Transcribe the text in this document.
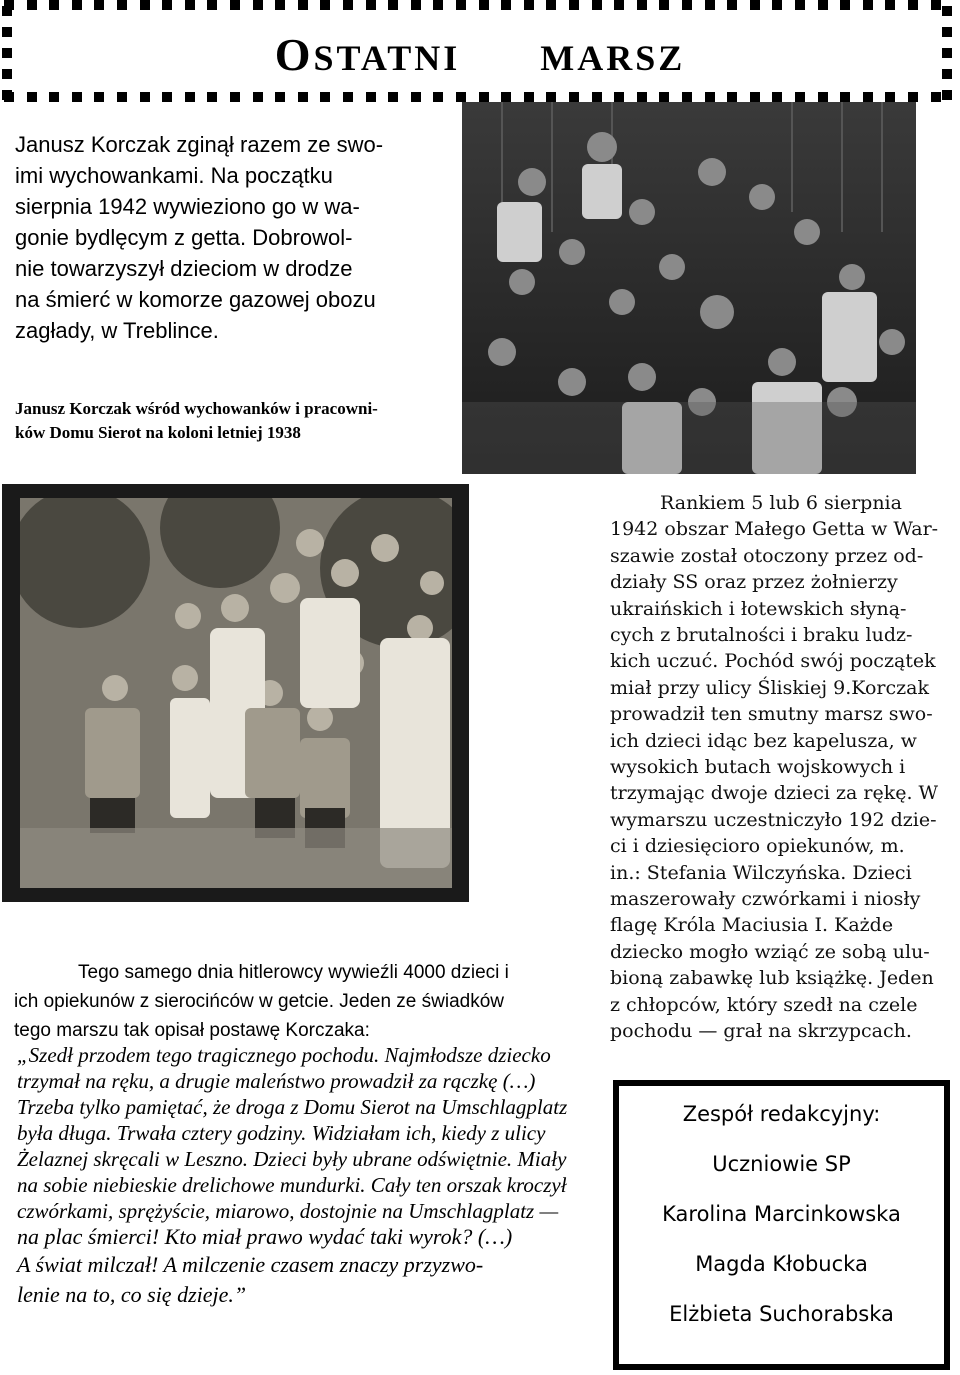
OSTATNI MARSZ
Janusz Korczak zginął razem ze swo-
imi wychowankami. Na początku
sierpnia 1942 wywieziono go w wa-
gonie bydlęcym z getta. Dobrowol-
nie towarzyszył dzieciom w drodze
na śmierć w komorze gazowej obozu
zagłady, w Treblince.
Janusz Korczak wśród wychowanków i pracowni-
ków Domu Sierot na koloni letniej 1938
Rankiem 5 lub 6 sierpnia
1942 obszar Małego Getta w War-
szawie został otoczony przez od-
działy SS oraz przez żołnierzy
ukraińskich i łotewskich słyną-
cych z brutalności i braku ludz-
kich uczuć. Pochód swój początek
miał przy ulicy Śliskiej 9.Korczak
prowadził ten smutny marsz swo-
ich dzieci idąc bez kapelusza, w
wysokich butach wojskowych i
trzymając dwoje dzieci za rękę. W
wymarszu uczestniczyło 192 dzie-
ci i dziesięcioro opiekunów, m.
in.: Stefania Wilczyńska. Dzieci
maszerowały czwórkami i niosły
flagę Króla Maciusia I. Każde
dziecko mogło wziąć ze sobą ulu-
bioną zabawkę lub książkę. Jeden
z chłopców, który szedł na czele
pochodu — grał na skrzypcach.
Tego samego dnia hitlerowcy wywieźli 4000 dzieci i
ich opiekunów z sierocińców w getcie. Jeden ze świadków
tego marszu tak opisał postawę Korczaka:
„Szedł przodem tego tragicznego pochodu. Najmłodsze dziecko
trzymał na ręku, a drugie maleństwo prowadził za rączkę (…)
Trzeba tylko pamiętać, że droga z Domu Sierot na Umschlagplatz
była długa. Trwała cztery godziny. Widziałam ich, kiedy z ulicy
Żelaznej skręcali w Leszno. Dzieci były ubrane odświętnie. Miały
na sobie niebieskie drelichowe mundurki. Cały ten orszak kroczył
czwórkami, sprężyście, miarowo, dostojnie na Umschlagplatz —
na plac śmierci! Kto miał prawo wydać taki wyrok? (…)
A świat milczał! A milczenie czasem znaczy przyzwo-
lenie na to, co się dzieje.”
Zespół redakcyjny:
Uczniowie SP
Karolina Marcinkowska
Magda Kłobucka
Elżbieta Suchorabska
